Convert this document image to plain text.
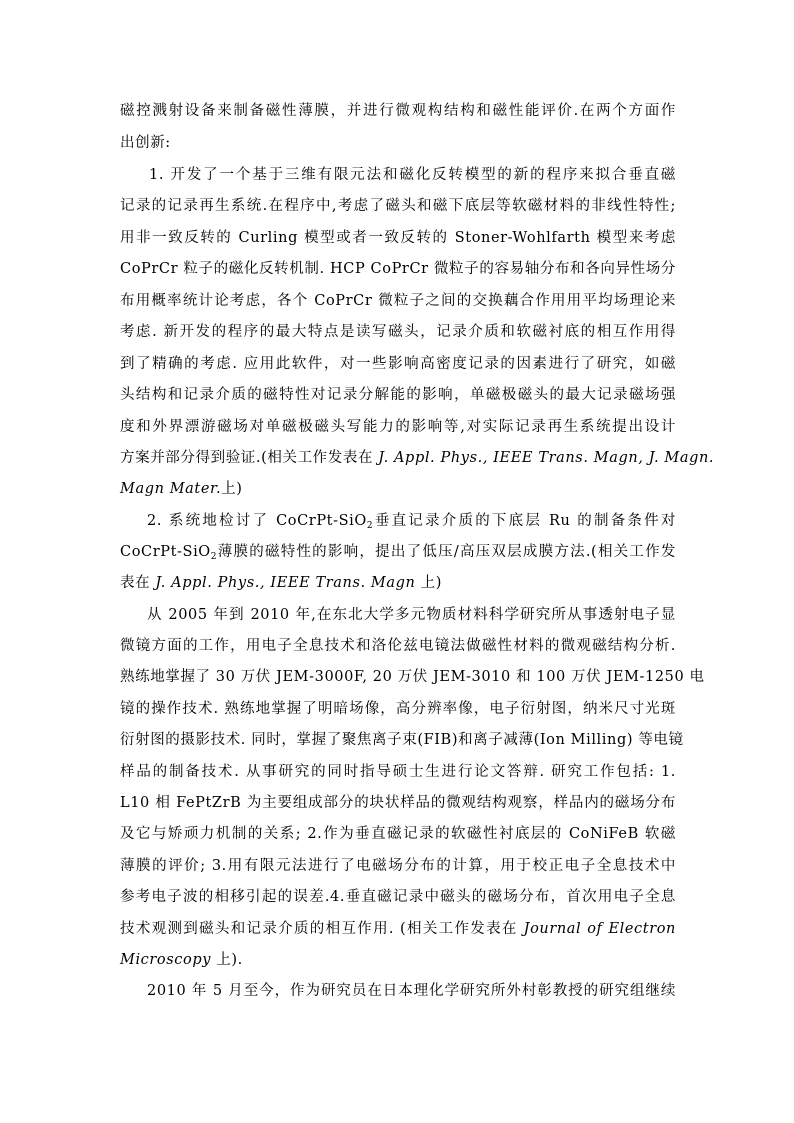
磁控溅射设备来制备磁性薄膜，并进行微观构结构和磁性能评价.在两个方面作
出创新:
1. 开发了一个基于三维有限元法和磁化反转模型的新的程序来拟合垂直磁
记录的记录再生系统.在程序中,考虑了磁头和磁下底层等软磁材料的非线性特性;
用非一致反转的 Curling 模型或者一致反转的 Stoner-Wohlfarth 模型来考虑
CoPrCr 粒子的磁化反转机制. HCP CoPrCr 微粒子的容易轴分布和各向异性场分
布用概率统计论考虑，各个 CoPrCr 微粒子之间的交换藕合作用用平均场理论来
考虑. 新开发的程序的最大特点是读写磁头，记录介质和软磁衬底的相互作用得
到了精确的考虑. 应用此软件，对一些影响高密度记录的因素进行了研究，如磁
头结构和记录介质的磁特性对记录分解能的影响，单磁极磁头的最大记录磁场强
度和外界漂游磁场对单磁极磁头写能力的影响等,对实际记录再生系统提出设计
方案并部分得到验证.(相关工作发表在 J. Appl. Phys., IEEE Trans. Magn, J. Magn.
Magn Mater.上)
2. 系统地检讨了 CoCrPt-SiO$_2$垂直记录介质的下底层 Ru 的制备条件对
CoCrPt-SiO$_2$薄膜的磁特性的影响，提出了低压/高压双层成膜方法.(相关工作发
表在 J. Appl. Phys., IEEE Trans. Magn 上)
从 2005 年到 2010 年,在东北大学多元物质材料科学研究所从事透射电子显
微镜方面的工作，用电子全息技术和洛伦兹电镜法做磁性材料的微观磁结构分析.
熟练地掌握了 30 万伏 JEM-3000F, 20 万伏 JEM-3010 和 100 万伏 JEM-1250 电
镜的操作技术. 熟练地掌握了明暗场像，高分辨率像，电子衍射图，纳米尺寸光斑
衍射图的摄影技术. 同时，掌握了聚焦离子束(FIB)和离子减薄(Ion Milling) 等电镜
样品的制备技术. 从事研究的同时指导硕士生进行论文答辩. 研究工作包括: 1.
L10 相 FePtZrB 为主要组成部分的块状样品的微观结构观察，样品内的磁场分布
及它与矫顽力机制的关系; 2.作为垂直磁记录的软磁性衬底层的 CoNiFeB 软磁
薄膜的评价; 3.用有限元法进行了电磁场分布的计算，用于校正电子全息技术中
参考电子波的相移引起的误差.4.垂直磁记录中磁头的磁场分布，首次用电子全息
技术观测到磁头和记录介质的相互作用. (相关工作发表在 Journal of Electron
Microscopy 上).
2010 年 5 月至今，作为研究员在日本理化学研究所外村彰教授的研究组继续
